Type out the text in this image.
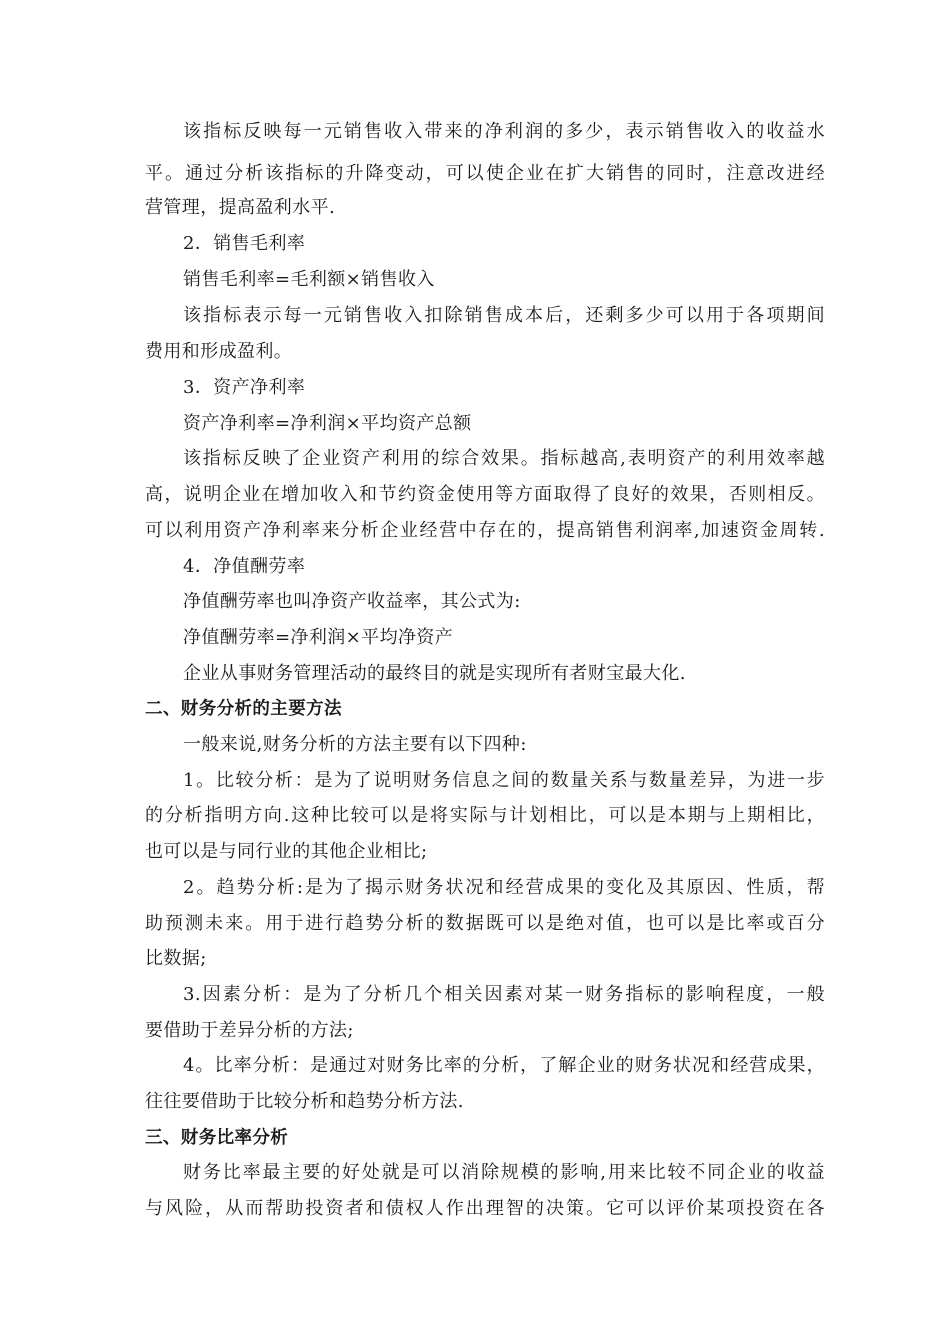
该指标反映每一元销售收入带来的净利润的多少，表示销售收入的收益水
平。通过分析该指标的升降变动，可以使企业在扩大销售的同时，注意改进经
营管理，提高盈利水平.
2．销售毛利率
销售毛利率=毛利额×销售收入
该指标表示每一元销售收入扣除销售成本后，还剩多少可以用于各项期间
费用和形成盈利。
3．资产净利率
资产净利率=净利润×平均资产总额
该指标反映了企业资产利用的综合效果。指标越高,表明资产的利用效率越
高，说明企业在增加收入和节约资金使用等方面取得了良好的效果，否则相反。
可以利用资产净利率来分析企业经营中存在的，提高销售利润率,加速资金周转.
4．净值酬劳率
净值酬劳率也叫净资产收益率，其公式为:
净值酬劳率=净利润×平均净资产
企业从事财务管理活动的最终目的就是实现所有者财宝最大化.
二、财务分析的主要方法
一般来说,财务分析的方法主要有以下四种:
1。比较分析：是为了说明财务信息之间的数量关系与数量差异，为进一步
的分析指明方向.这种比较可以是将实际与计划相比，可以是本期与上期相比，
也可以是与同行业的其他企业相比;
2。趋势分析:是为了揭示财务状况和经营成果的变化及其原因、性质，帮
助预测未来。用于进行趋势分析的数据既可以是绝对值，也可以是比率或百分
比数据;
3.因素分析：是为了分析几个相关因素对某一财务指标的影响程度，一般
要借助于差异分析的方法;
4。比率分析：是通过对财务比率的分析，了解企业的财务状况和经营成果，
往往要借助于比较分析和趋势分析方法.
三、财务比率分析
财务比率最主要的好处就是可以消除规模的影响,用来比较不同企业的收益
与风险，从而帮助投资者和债权人作出理智的决策。它可以评价某项投资在各
